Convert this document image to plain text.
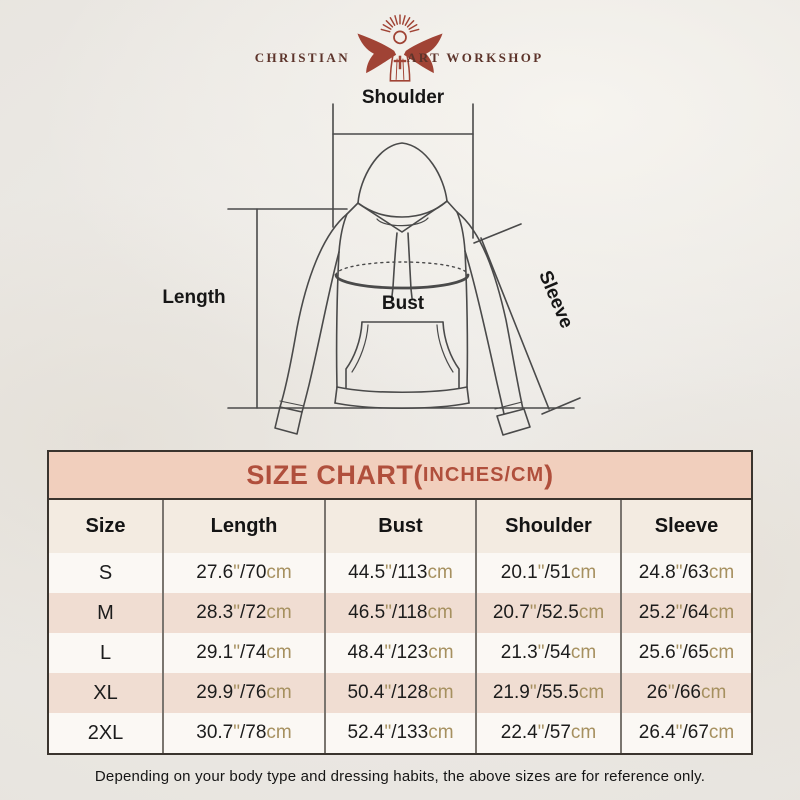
CHRISTIAN	ART WORKSHOP
Shoulder
Length	Bust	Sleeve
SIZE CHART( INCHES/CM )
Size	Length	Bust	Shoulder	Sleeve
S	27.6"/70cm	44.5"/113cm	20.1"/51cm	24.8"/63cm
M	28.3"/72cm	46.5"/118cm	20.7"/52.5cm	25.2"/64cm
L	29.1"/74cm	48.4"/123cm	21.3"/54cm	25.6"/65cm
XL	29.9"/76cm	50.4"/128cm	21.9"/55.5cm	26"/66cm
2XL	30.7"/78cm	52.4"/133cm	22.4"/57cm	26.4"/67cm
Depending on your body type and dressing habits, the above sizes are for reference only.
